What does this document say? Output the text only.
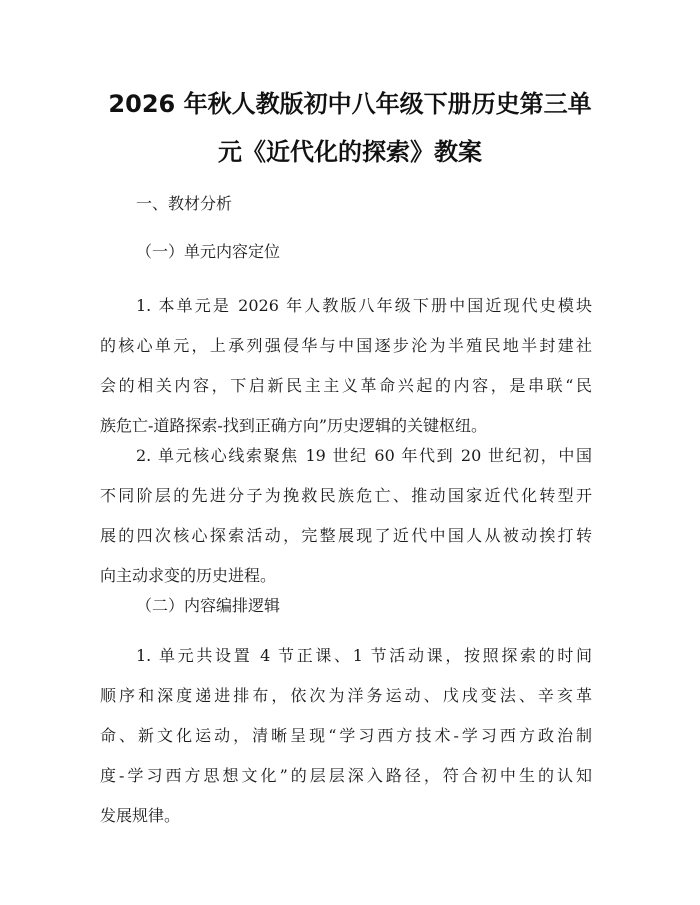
2026 年秋人教版初中八年级下册历史第三单
元《近代化的探索》教案

一、教材分析

（一）单元内容定位

1. 本单元是 2026 年人教版八年级下册中国近现代史模块
的核心单元，上承列强侵华与中国逐步沦为半殖民地半封建社
会的相关内容，下启新民主主义革命兴起的内容，是串联“民
族危亡-道路探索-找到正确方向”历史逻辑的关键枢纽。
2. 单元核心线索聚焦 19 世纪 60 年代到 20 世纪初，中国
不同阶层的先进分子为挽救民族危亡、推动国家近代化转型开
展的四次核心探索活动，完整展现了近代中国人从被动挨打转
向主动求变的历史进程。

（二）内容编排逻辑

1. 单元共设置 4 节正课、1 节活动课，按照探索的时间
顺序和深度递进排布，依次为洋务运动、戊戌变法、辛亥革
命、新文化运动，清晰呈现“学习西方技术-学习西方政治制
度-学习西方思想文化”的层层深入路径，符合初中生的认知
发展规律。
